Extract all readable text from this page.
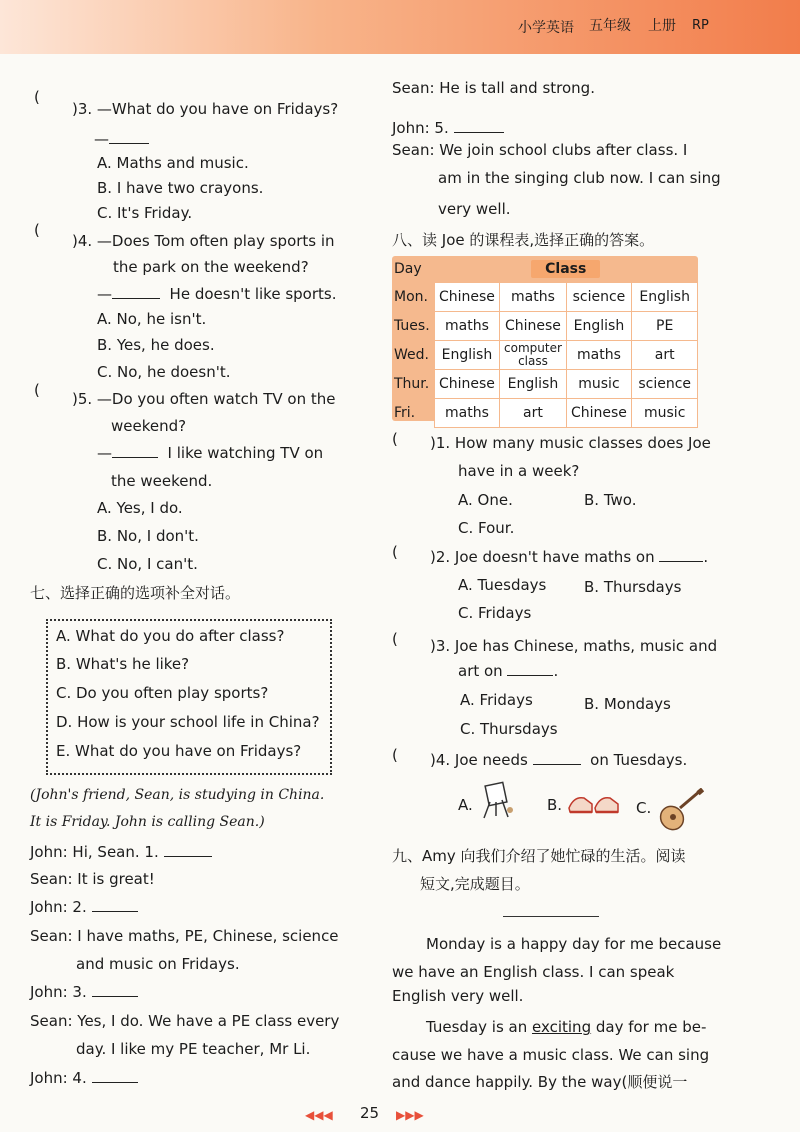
小学英语 五年级 上册 RP
(
)3. —What do you have on Fridays?
—
A. Maths and music.
B. I have two crayons.
C. It's Friday.
(
)4. —Does Tom often play sports in
the park on the weekend?
—	He doesn't like sports.
A. No, he isn't.
B. Yes, he does.
C. No, he doesn't.
( )5. —Do you often watch TV on the
weekend?
—	I like watching TV on
the weekend.
A. Yes, I do.
B. No, I don't.
C. No, I can't.
七、选择正确的选项补全对话。
A. What do you do after class?
B. What's he like?
C. Do you often play sports?
D. How is your school life in China?
E. What do you have on Fridays?
(John's friend, Sean, is studying in China.
It is Friday. John is calling Sean.)
John: Hi, Sean. 1.
Sean: It is great!
John: 2.
Sean: I have maths, PE, Chinese, science
and music on Fridays.
John: 3.
Sean: Yes, I do. We have a PE class every
day. I like my PE teacher, Mr Li.
John: 4.
Sean: He is tall and strong.
John: 5.
Sean: We join school clubs after class. I
am in the singing club now. I can sing
very well.
八、读 Joe 的课程表,选择正确的答案。
Day	Class			
Mon.	Chinese	maths	science	English
Tues.	maths	Chinese	English	PE
Wed.	English	computer class	maths	art
Thur.	Chinese	English	music	science
Fri.	maths	art	Chinese	music
( )1. How many music classes does Joe
have in a week?
A. One.	B. Two.
C. Four.
( )2. Joe doesn't have maths on	.
A. Tuesdays	B. Thursdays
C. Fridays
( )3. Joe has Chinese, maths, music and
art on	.
A. Fridays	B. Mondays
C. Thursdays
( )4. Joe needs	on Tuesdays.
A.	B.	C.
九、Amy 向我们介绍了她忙碌的生活。阅读
短文,完成题目。
Monday is a happy day for me because
we have an English class. I can speak
English very well.
Tuesday is an exciting day for me be-
cause we have a music class. We can sing
and dance happily. By the way(顺便说一
◀◀◀ 25 ▶▶▶
